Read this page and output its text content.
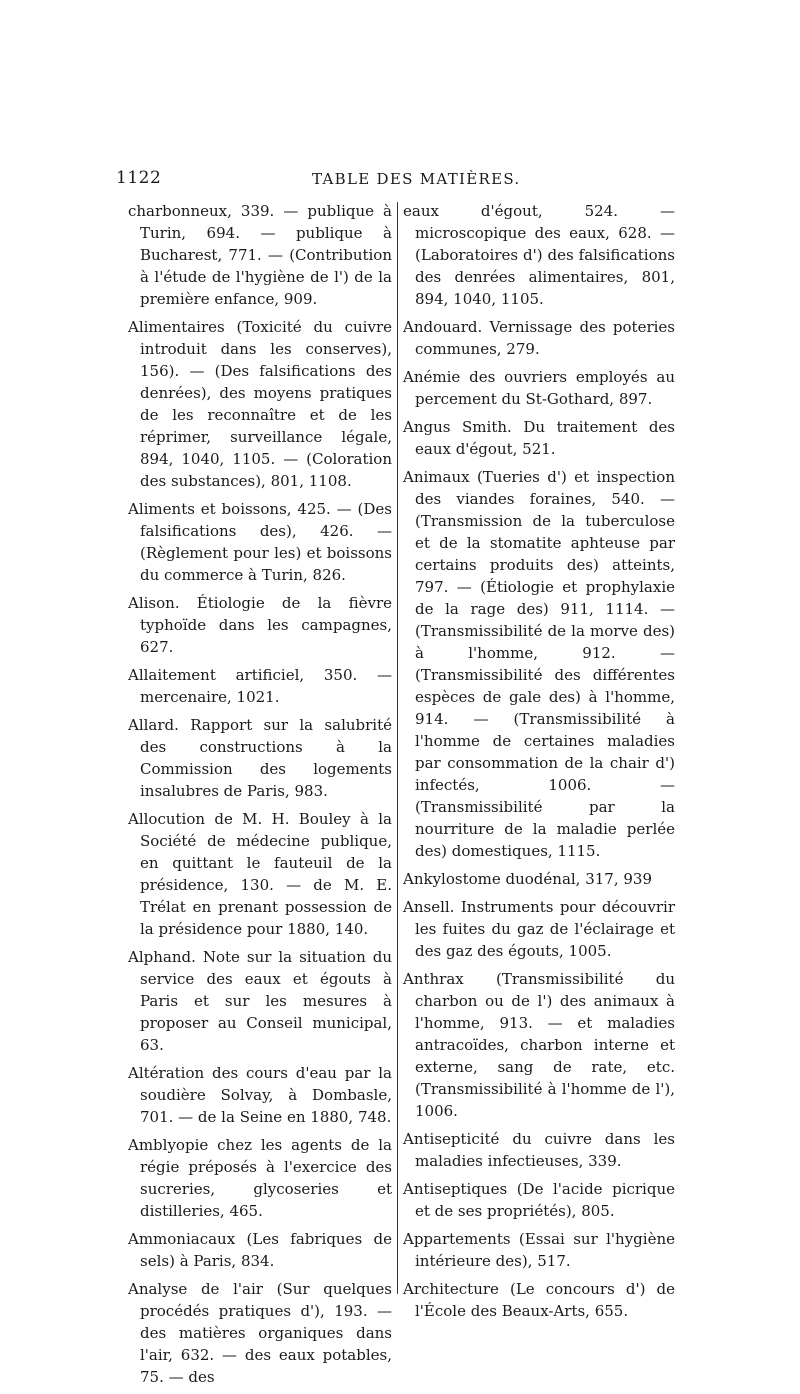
1122	TABLE DES MATIÈRES.

charbonneux, 339. — publique à Turin, 694. — publique à Bucharest, 771. — (Contribution à l'étude de l'hygiène de l') de la première enfance, 909.

Alimentaires (Toxicité du cuivre introduit dans les conserves), 156). — (Des falsifications des denrées), des moyens pratiques de les reconnaître et de les réprimer, surveillance légale, 894, 1040, 1105. — (Coloration des substances), 801, 1108.

Aliments et boissons, 425. — (Des falsifications des), 426. — (Règlement pour les) et boissons du commerce à Turin, 826.

Alison. Étiologie de la fièvre typhoïde dans les campagnes, 627.

Allaitement artificiel, 350. — mercenaire, 1021.

Allard. Rapport sur la salubrité des constructions à la Commission des logements insalubres de Paris, 983.

Allocution de M. H. Bouley à la Société de médecine publique, en quittant le fauteuil de la présidence, 130. — de M. E. Trélat en prenant possession de la présidence pour 1880, 140.

Alphand. Note sur la situation du service des eaux et égouts à Paris et sur les mesures à proposer au Conseil municipal, 63.

Altération des cours d'eau par la soudière Solvay, à Dombasle, 701. — de la Seine en 1880, 748.

Amblyopie chez les agents de la régie préposés à l'exercice des sucreries, glycoseries et distilleries, 465.

Ammoniacaux (Les fabriques de sels) à Paris, 834.

Analyse de l'air (Sur quelques procédés pratiques d'), 193. — des matières organiques dans l'air, 632. — des eaux potables, 75. — des

eaux d'égout, 524. — microscopique des eaux, 628. — (Laboratoires d') des falsifications des denrées alimentaires, 801, 894, 1040, 1105.

Andouard. Vernissage des poteries communes, 279.

Anémie des ouvriers employés au percement du St-Gothard, 897.

Angus Smith. Du traitement des eaux d'égout, 521.

Animaux (Tueries d') et inspection des viandes foraines, 540. — (Transmission de la tuberculose et de la stomatite aphteuse par certains produits des) atteints, 797. — (Étiologie et prophylaxie de la rage des) 911, 1114. — (Transmissibilité de la morve des) à l'homme, 912. — (Transmissibilité des différentes espèces de gale des) à l'homme, 914. — (Transmissibilité à l'homme de certaines maladies par consommation de la chair d') infectés, 1006. — (Transmissibilité par la nourriture de la maladie perlée des) domestiques, 1115.

Ankylostome duodénal, 317, 939

Ansell. Instruments pour découvrir les fuites du gaz de l'éclairage et des gaz des égouts, 1005.

Anthrax (Transmissibilité du charbon ou de l') des animaux à l'homme, 913. — et maladies antracoïdes, charbon interne et externe, sang de rate, etc. (Transmissibilité à l'homme de l'), 1006.

Antisepticité du cuivre dans les maladies infectieuses, 339.

Antiseptiques (De l'acide picrique et de ses propriétés), 805.

Appartements (Essai sur l'hygiène intérieure des), 517.

Architecture (Le concours d') de l'École des Beaux-Arts, 655.
